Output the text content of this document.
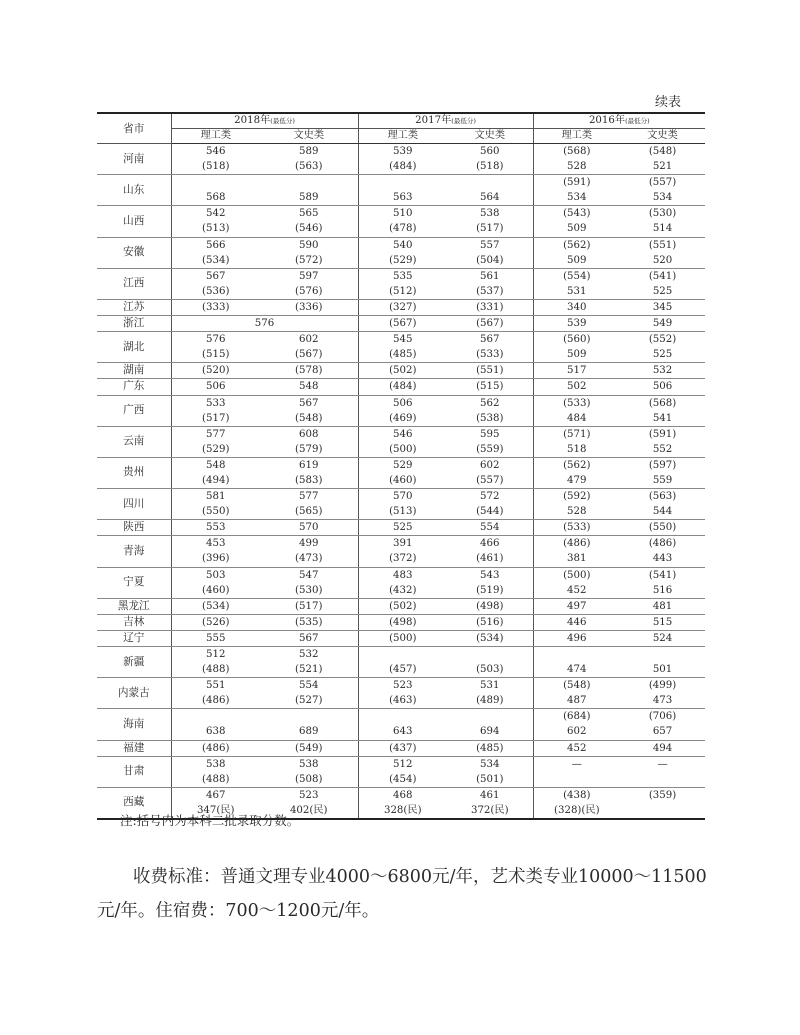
续表
省市	2018年(最低分)		2017年(最低分)		2016年(最低分)	
	理工类	文史类	理工类	文史类	理工类	文史类
河南	546	589	539	560	(568)	(548)
	(518)	(563)	(484)	(518)	528	521
山东					(591)	(557)
	568	589	563	564	534	534
山西	542	565	510	538	(543)	(530)
	(513)	(546)	(478)	(517)	509	514
安徽	566	590	540	557	(562)	(551)
	(534)	(572)	(529)	(504)	509	520
江西	567	597	535	561	(554)	(541)
	(536)	(576)	(512)	(537)	531	525
江苏	(333)	(336)	(327)	(331)	340	345
浙江	576		(567)	(567)	539	549
湖北	576	602	545	567	(560)	(552)
	(515)	(567)	(485)	(533)	509	525
湖南	(520)	(578)	(502)	(551)	517	532
广东	506	548	(484)	(515)	502	506
广西	533	567	506	562	(533)	(568)
	(517)	(548)	(469)	(538)	484	541
云南	577	608	546	595	(571)	(591)
	(529)	(579)	(500)	(559)	518	552
贵州	548	619	529	602	(562)	(597)
	(494)	(583)	(460)	(557)	479	559
四川	581	577	570	572	(592)	(563)
	(550)	(565)	(513)	(544)	528	544
陕西	553	570	525	554	(533)	(550)
青海	453	499	391	466	(486)	(486)
	(396)	(473)	(372)	(461)	381	443
宁夏	503	547	483	543	(500)	(541)
	(460)	(530)	(432)	(519)	452	516
黑龙江	(534)	(517)	(502)	(498)	497	481
吉林	(526)	(535)	(498)	(516)	446	515
辽宁	555	567	(500)	(534)	496	524
新疆	512	532				
	(488)	(521)	(457)	(503)	474	501
内蒙古	551	554	523	531	(548)	(499)
	(486)	(527)	(463)	(489)	487	473
海南					(684)	(706)
	638	689	643	694	602	657
福建	(486)	(549)	(437)	(485)	452	494
甘肃	538	538	512	534	—	—
	(488)	(508)	(454)	(501)		
西藏	467	523	468	461	(438)	(359)
	347(民)	402(民)	328(民)	372(民)	(328)(民)	
注:括号内为本科二批录取分数。
收费标准：普通文理专业4000～6800元/年，艺术类专业10000～11500元/年。住宿费：700～1200元/年。
